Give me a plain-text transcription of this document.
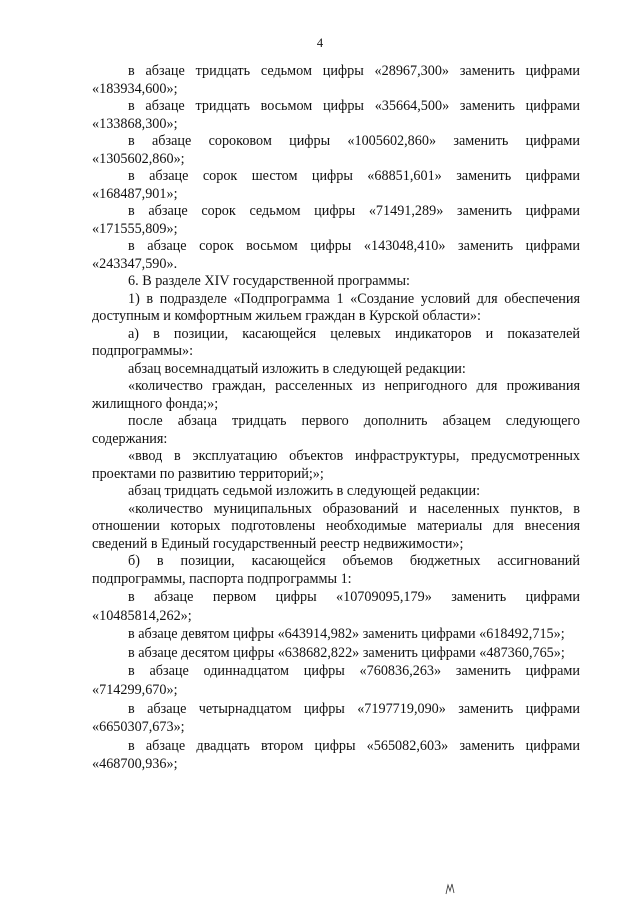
4

в абзаце тридцать седьмом цифры «28967,300» заменить цифрами «183934,600»;

в абзаце тридцать восьмом цифры «35664,500» заменить цифрами «133868,300»;

в абзаце сороковом цифры «1005602,860» заменить цифрами «1305602,860»;

в абзаце сорок шестом цифры «68851,601» заменить цифрами «168487,901»;

в абзаце сорок седьмом цифры «71491,289» заменить цифрами «171555,809»;

в абзаце сорок восьмом цифры «143048,410» заменить цифрами «243347,590».

6. В разделе XIV государственной программы:

1) в подразделе «Подпрограмма 1 «Создание условий для обеспечения доступным и комфортным жильем граждан в Курской области»:

а) в позиции, касающейся целевых индикаторов и показателей подпрограммы»:

абзац восемнадцатый изложить в следующей редакции:

«количество граждан, расселенных из непригодного для проживания жилищного фонда;»;

после абзаца тридцать первого дополнить абзацем следующего содержания:

«ввод в эксплуатацию объектов инфраструктуры, предусмотренных проектами по развитию территорий;»;

абзац тридцать седьмой изложить в следующей редакции:

«количество муниципальных образований и населенных пунктов, в отношении которых подготовлены необходимые материалы для внесения сведений в Единый государственный реестр недвижимости»;

б) в позиции, касающейся объемов бюджетных ассигнований подпрограммы, паспорта подпрограммы 1:

в абзаце первом цифры «10709095,179» заменить цифрами «10485814,262»;

в абзаце девятом цифры «643914,982» заменить цифрами «618492,715»;

в абзаце десятом цифры «638682,822» заменить цифрами «487360,765»;

в абзаце одиннадцатом цифры «760836,263» заменить цифрами «714299,670»;

в абзаце четырнадцатом цифры «7197719,090» заменить цифрами «6650307,673»;

в абзаце двадцать втором цифры «565082,603» заменить цифрами «468700,936»;
